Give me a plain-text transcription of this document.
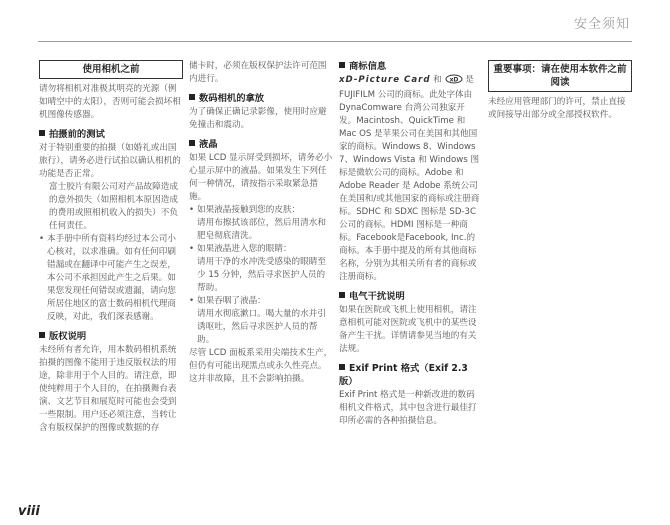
安全须知
使用相机之前

请勿将相机对准极其明亮的光源（例如晴空中的太阳），否则可能会损坏相机图像传感器。

拍摄前的测试

对于特别重要的拍摄（如婚礼或出国旅行），请务必进行试拍以确认相机的功能是否正常。

富士胶片有限公司对产品故障造成的意外损失（如照相机本原因造成的费用或照相机收入的损失）不负任何责任。

• 本手册中所有资料均经过本公司小心核对，以求准确。如有任何印刷错漏或在翻译中可能产生之误差，本公司不承担因此产生之后果。如果您发现任何错误或遗漏，请向您所居住地区的富士数码相机代理商反映，对此，我们深表感谢。

版权说明

未经所有者允许，用本数码相机系统拍摄的图像不能用于违反版权法的用途，除非用于个人目的。请注意，即使纯粹用于个人目的，在拍摄舞台表演、文艺节目和展览时可能也会受到一些限制。用户还必须注意，当转让含有版权保护的图像或数据的存

储卡时，必须在版权保护法许可范围内进行。

数码相机的拿放

为了确保正确记录影像，使用时应避免撞击和震动。

液晶

如果 LCD 显示屏受到损坏，请务必小心显示屏中的液晶。如果发生下列任何一种情况，请按指示采取紧急措施。

• 如果液晶接触到您的皮肤：

请用布擦拭该部位，然后用清水和肥皂彻底清洗。

• 如果液晶进入您的眼睛：

请用干净的水冲洗受感染的眼睛至少 15 分钟，然后寻求医护人员的帮助。

• 如果吞咽了液晶：

请用水彻底漱口。喝大量的水并引诱呕吐，然后寻求医护人员的帮助。

尽管 LCD 面板系采用尖端技术生产，但仍有可能出现黑点或永久性亮点。这并非故障，且不会影响拍摄。

商标信息

xD-Picture Card 和 xD 是

FUJIFILM 公司的商标。此处字体由 DynaComware 台湾公司独家开发。Macintosh、QuickTime 和 Mac OS 是苹果公司在美国和其他国家的商标。Windows 8、Windows 7、Windows Vista 和 Windows 图标是微软公司的商标。Adobe 和 Adobe Reader 是 Adobe 系统公司在美国和/或其他国家的商标或注册商标。SDHC 和 SDXC 图标是 SD-3C 公司的商标。HDMI 图标是一种商标。Facebook是Facebook, Inc.的商标。本手册中提及的所有其他商标名称，分别为其相关所有者的商标或注册商标。

电气干扰说明

如果在医院或飞机上使用相机，请注意相机可能对医院或飞机中的某些设备产生干扰。详情请参见当地的有关法规。

Exif Print 格式（Exif 2.3 版）

Exif Print 格式是一种新改进的数码相机文件格式，其中包含进行最佳打印所必需的各种拍摄信息。

重要事项：请在使用本软件之前阅读

未经应用管理部门的许可，禁止直接或间接导出部分或全部授权软件。

viii
